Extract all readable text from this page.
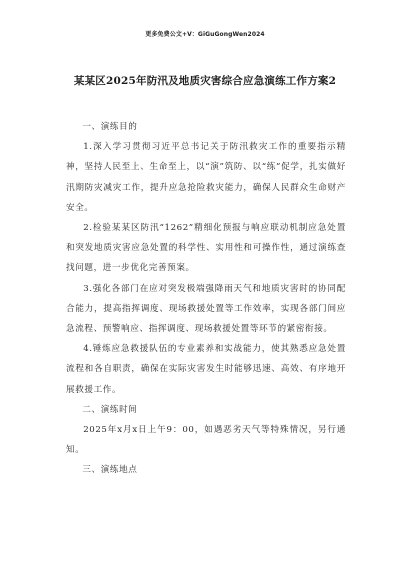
更多免费公文+V：GiGuGongWen2024
某某区2025年防汛及地质灾害综合应急演练工作方案2

一、演练目的

1.深入学习贯彻习近平总书记关于防汛救灾工作的重要指示精神，坚持人民至上、生命至上，以“演”筑防、以“练”促学，扎实做好汛期防灾减灾工作，提升应急抢险救灾能力，确保人民群众生命财产安全。

2.检验某某区防汛“1262”精细化预报与响应联动机制应急处置和突发地质灾害应急处置的科学性、实用性和可操作性，通过演练查找问题，进一步优化完善预案。

3.强化各部门在应对突发极端强降雨天气和地质灾害时的协同配合能力，提高指挥调度、现场救援处置等工作效率，实现各部门间应急流程、预警响应、指挥调度、现场救援处置等环节的紧密衔接。

4.锤炼应急救援队伍的专业素养和实战能力，使其熟悉应急处置流程和各自职责，确保在实际灾害发生时能够迅速、高效、有序地开展救援工作。

二、演练时间

2025年x月x日上午9：00，如遇恶劣天气等特殊情况，另行通知。

三、演练地点
